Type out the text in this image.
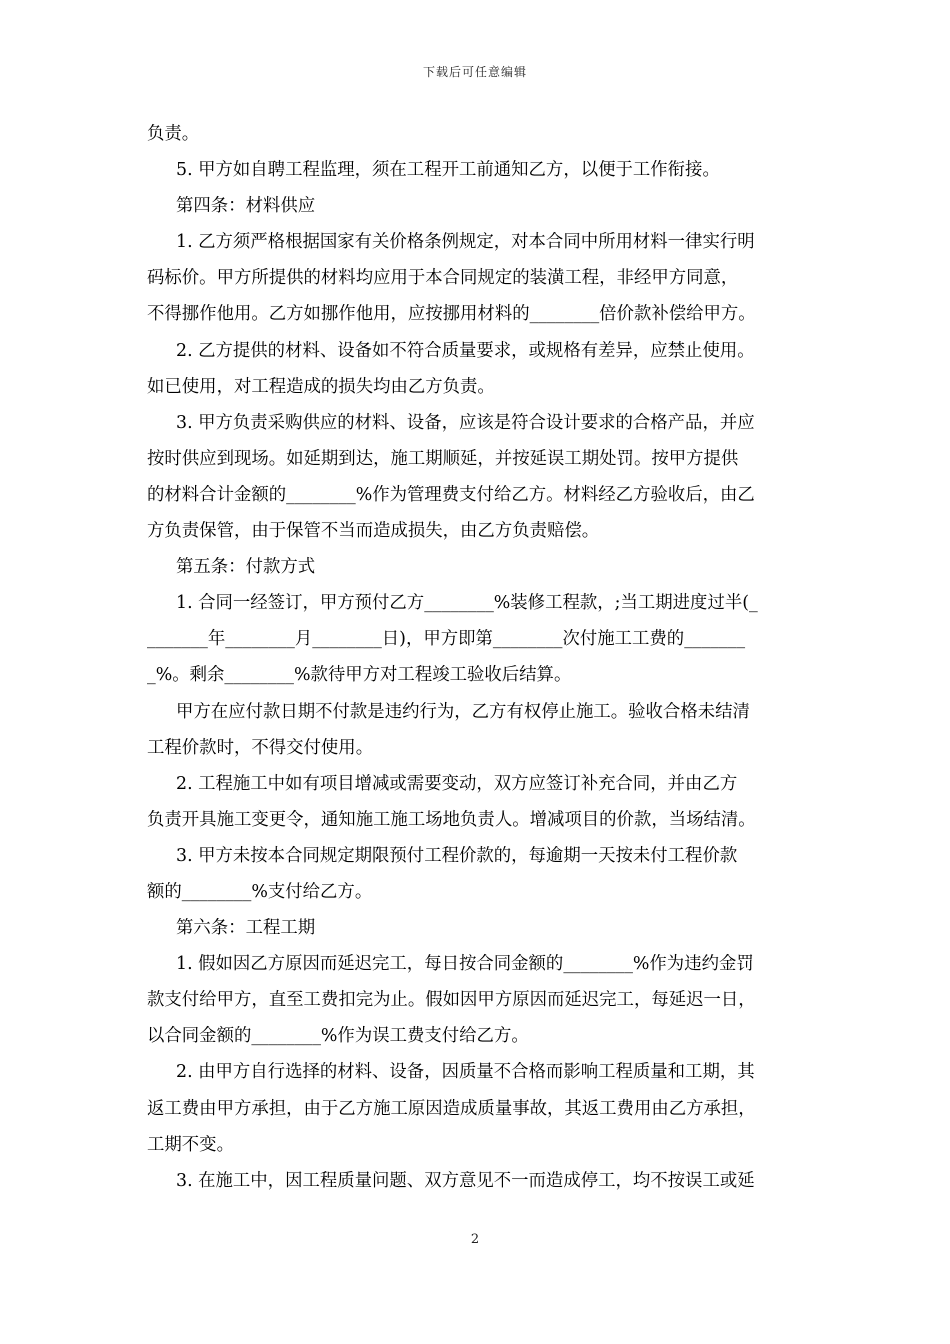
下载后可任意编辑
负责。
5. 甲方如自聘工程监理，须在工程开工前通知乙方，以便于工作衔接。
第四条：材料供应
1. 乙方须严格根据国家有关价格条例规定，对本合同中所用材料一律实行明
码标价。甲方所提供的材料均应用于本合同规定的装潢工程，非经甲方同意，
不得挪作他用。乙方如挪作他用，应按挪用材料的________倍价款补偿给甲方。
2. 乙方提供的材料、设备如不符合质量要求，或规格有差异，应禁止使用。
如已使用，对工程造成的损失均由乙方负责。
3. 甲方负责采购供应的材料、设备，应该是符合设计要求的合格产品，并应
按时供应到现场。如延期到达，施工期顺延，并按延误工期处罚。按甲方提供
的材料合计金额的________%作为管理费支付给乙方。材料经乙方验收后，由乙
方负责保管，由于保管不当而造成损失，由乙方负责赔偿。
第五条：付款方式
1. 合同一经签订，甲方预付乙方________%装修工程款，;当工期进度过半(_
_______年________月________日)，甲方即第________次付施工工费的_______
_%。剩余________%款待甲方对工程竣工验收后结算。
甲方在应付款日期不付款是违约行为，乙方有权停止施工。验收合格未结清
工程价款时，不得交付使用。
2. 工程施工中如有项目增减或需要变动，双方应签订补充合同，并由乙方
负责开具施工变更令，通知施工施工场地负责人。增减项目的价款，当场结清。
3. 甲方未按本合同规定期限预付工程价款的，每逾期一天按未付工程价款
额的________%支付给乙方。
第六条：工程工期
1. 假如因乙方原因而延迟完工，每日按合同金额的________%作为违约金罚
款支付给甲方，直至工费扣完为止。假如因甲方原因而延迟完工，每延迟一日，
以合同金额的________%作为误工费支付给乙方。
2. 由甲方自行选择的材料、设备，因质量不合格而影响工程质量和工期，其
返工费由甲方承担，由于乙方施工原因造成质量事故，其返工费用由乙方承担，
工期不变。
3. 在施工中，因工程质量问题、双方意见不一而造成停工，均不按误工或延
2
